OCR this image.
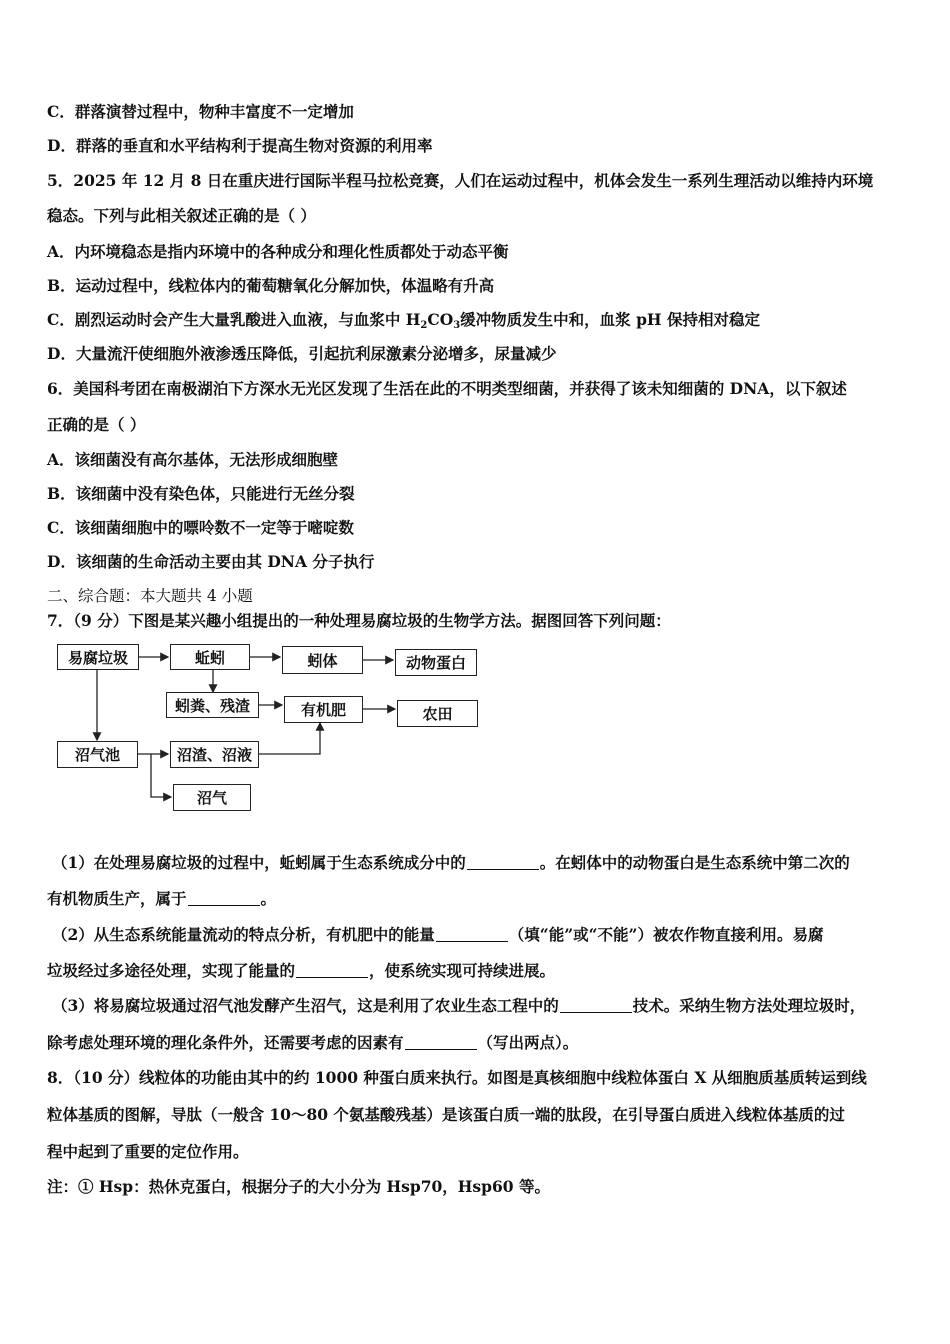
C．群落演替过程中，物种丰富度不一定增加
D．群落的垂直和水平结构利于提高生物对资源的利用率
5．2025 年 12 月 8 日在重庆进行国际半程马拉松竞赛，人们在运动过程中，机体会发生一系列生理活动以维持内环境
稳态。下列与此相关叙述正确的是（ ）
A．内环境稳态是指内环境中的各种成分和理化性质都处于动态平衡
B．运动过程中，线粒体内的葡萄糖氧化分解加快，体温略有升高
C．剧烈运动时会产生大量乳酸进入血液，与血浆中 $H_2CO_3$缓冲物质发生中和，血浆 pH 保持相对稳定
D．大量流汗使细胞外液渗透压降低，引起抗利尿激素分泌增多，尿量减少
6．美国科考团在南极湖泊下方深水无光区发现了生活在此的不明类型细菌，并获得了该未知细菌的 DNA，以下叙述
正确的是（ ）
A．该细菌没有高尔基体，无法形成细胞壁
B．该细菌中没有染色体，只能进行无丝分裂
C．该细菌细胞中的嘌呤数不一定等于嘧啶数
D．该细菌的生命活动主要由其 DNA 分子执行
二、综合题：本大题共 4 小题
7．（9 分）下图是某兴趣小组提出的一种处理易腐垃圾的生物学方法。据图回答下列问题：
易腐垃圾	蚯蚓	蚓体	动物蛋白
蚓粪、残渣	有机肥	农田
沼气池	沼渣、沼液
沼气
（1）在处理易腐垃圾的过程中，蚯蚓属于生态系统成分中的	。在蚓体中的动物蛋白是生态系统中第二次的
有机物质生产，属于	。
（2）从生态系统能量流动的特点分析，有机肥中的能量	（填“能”或“不能”）被农作物直接利用。易腐
垃圾经过多途径处理，实现了能量的	，使系统实现可持续进展。
（3）将易腐垃圾通过沼气池发酵产生沼气，这是利用了农业生态工程中的	技术。采纳生物方法处理垃圾时，
除考虑处理环境的理化条件外，还需要考虑的因素有	（写出两点）。
8．（10 分）线粒体的功能由其中的约 1000 种蛋白质来执行。如图是真核细胞中线粒体蛋白 X 从细胞质基质转运到线
粒体基质的图解，导肽（一般含 10～80 个氨基酸残基）是该蛋白质一端的肽段，在引导蛋白质进入线粒体基质的过
程中起到了重要的定位作用。
注：① Hsp：热休克蛋白，根据分子的大小分为 Hsp70，Hsp60 等。
